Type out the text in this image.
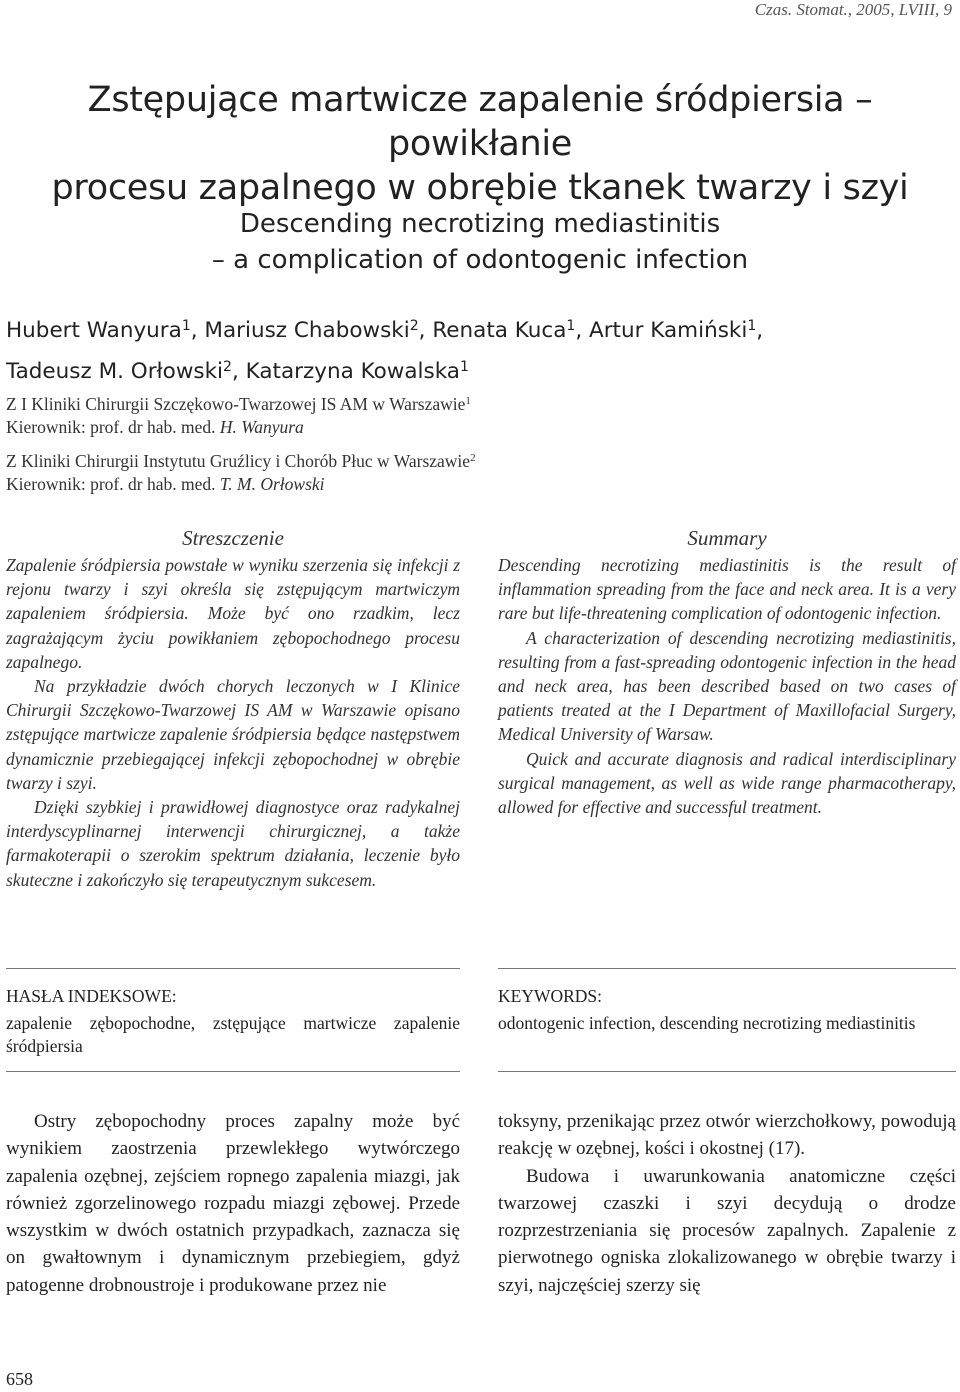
Czas. Stomat., 2005, LVIII, 9
Zstępujące martwicze zapalenie śródpiersia – powikłanie
procesu zapalnego w obrębie tkanek twarzy i szyi
Descending necrotizing mediastinitis
– a complication of odontogenic infection
Hubert Wanyura$^1$, Mariusz Chabowski$^2$, Renata Kuca$^1$, Artur Kamiński$^1$,
Tadeusz M. Orłowski$^2$, Katarzyna Kowalska$^1$
Z I Kliniki Chirurgii Szczękowo-Twarzowej IS AM w Warszawie$^1$
Kierownik: prof. dr hab. med. H. Wanyura
Z Kliniki Chirurgii Instytutu Gruźlicy i Chorób Płuc w Warszawie$^2$
Kierownik: prof. dr hab. med. T. M. Orłowski
Streszczenie

Zapalenie śródpiersia powstałe w wyniku szerzenia się infekcji z rejonu twarzy i szyi określa się zstępującym martwiczym zapaleniem śródpiersia. Może być ono rzadkim, lecz zagrażającym życiu powikłaniem zębopochodnego procesu zapalnego.

Na przykładzie dwóch chorych leczonych w I Klinice Chirurgii Szczękowo-Twarzowej IS AM w Warszawie opisano zstępujące martwicze zapalenie śródpiersia będące następstwem dynamicznie przebiegającej infekcji zębopochodnej w obrębie twarzy i szyi.

Dzięki szybkiej i prawidłowej diagnostyce oraz radykalnej interdyscyplinarnej interwencji chirurgicznej, a także farmakoterapii o szerokim spektrum działania, leczenie było skuteczne i zakończyło się terapeutycznym sukcesem.

Summary

Descending necrotizing mediastinitis is the result of inflammation spreading from the face and neck area. It is a very rare but life-threatening complication of odontogenic infection.

A characterization of descending necrotizing mediastinitis, resulting from a fast-spreading odontogenic infection in the head and neck area, has been described based on two cases of patients treated at the I Department of Maxillofacial Surgery, Medical University of Warsaw.

Quick and accurate diagnosis and radical interdisciplinary surgical management, as well as wide range pharmacotherapy, allowed for effective and successful treatment.

HASŁA INDEKSOWE:
zapalenie zębopochodne, zstępujące martwicze zapalenie śródpiersia
KEYWORDS:
odontogenic infection, descending necrotizing mediastinitis

Ostry zębopochodny proces zapalny może być wynikiem zaostrzenia przewlekłego wytwórczego zapalenia ozębnej, zejściem ropnego zapalenia miazgi, jak również zgorzelinowego rozpadu miazgi zębowej. Przede wszystkim w dwóch ostatnich przypadkach, zaznacza się on gwałtownym i dynamicznym przebiegiem, gdyż patogenne drobnoustroje i produkowane przez nie

toksyny, przenikając przez otwór wierzchołkowy, powodują reakcję w ozębnej, kości i okostnej (17).

Budowa i uwarunkowania anatomiczne części twarzowej czaszki i szyi decydują o drodze rozprzestrzeniania się procesów zapalnych. Zapalenie z pierwotnego ogniska zlokalizowanego w obrębie twarzy i szyi, najczęściej szerzy się

658
